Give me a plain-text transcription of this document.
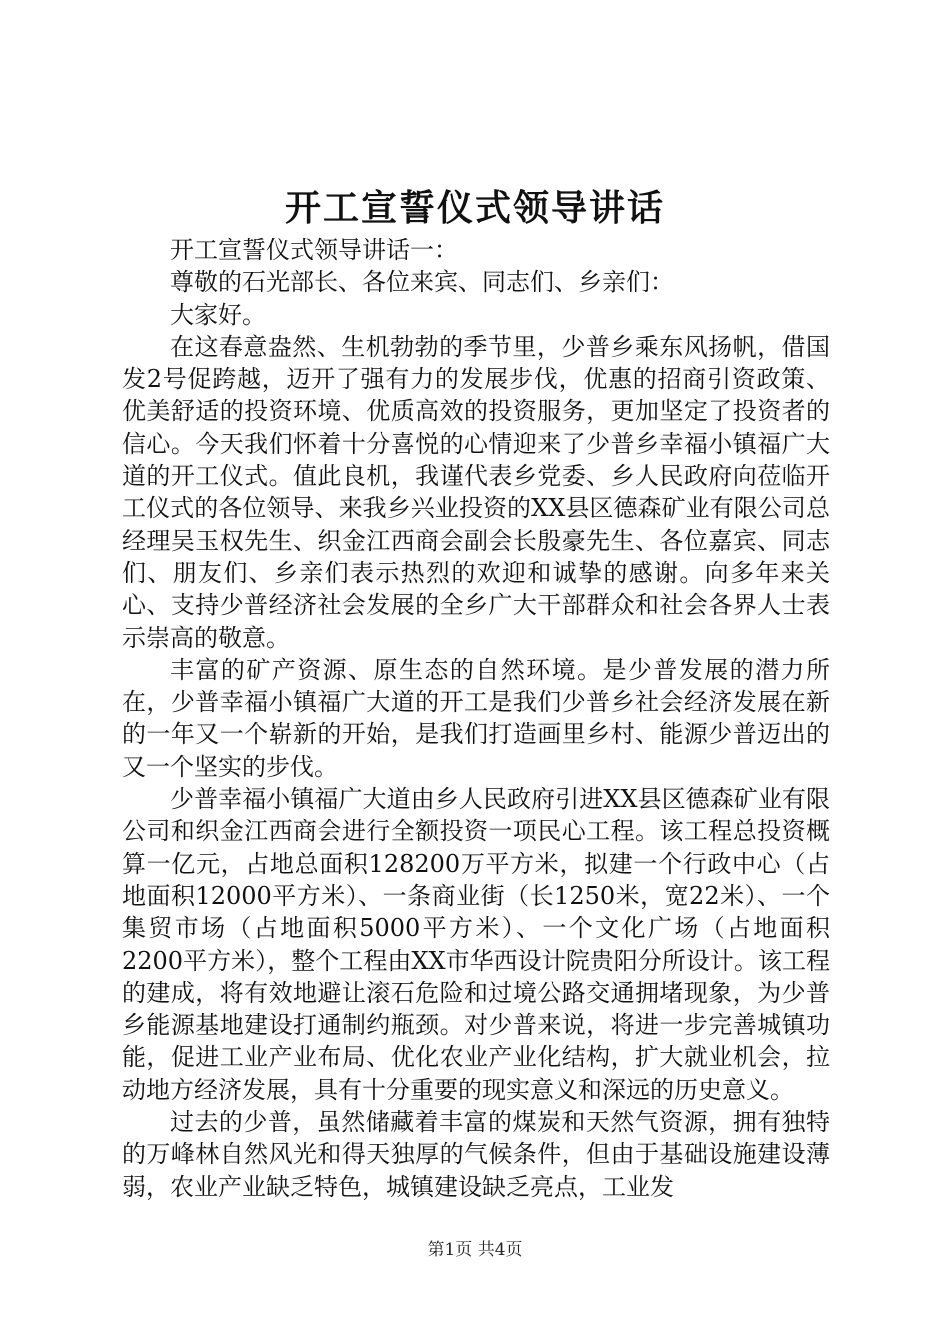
开工宣誓仪式领导讲话

开工宣誓仪式领导讲话一：

尊敬的石光部长、各位来宾、同志们、乡亲们：

大家好。

在这春意盎然、生机勃勃的季节里，少普乡乘东风扬帆，借国发2号促跨越，迈开了强有力的发展步伐，优惠的招商引资政策、优美舒适的投资环境、优质高效的投资服务，更加坚定了投资者的信心。今天我们怀着十分喜悦的心情迎来了少普乡幸福小镇福广大道的开工仪式。值此良机，我谨代表乡党委、乡人民政府向莅临开工仪式的各位领导、来我乡兴业投资的XX县区德森矿业有限公司总经理吴玉权先生、织金江西商会副会长殷豪先生、各位嘉宾、同志们、朋友们、乡亲们表示热烈的欢迎和诚挚的感谢。向多年来关心、支持少普经济社会发展的全乡广大干部群众和社会各界人士表示崇高的敬意。

丰富的矿产资源、原生态的自然环境。是少普发展的潜力所在，少普幸福小镇福广大道的开工是我们少普乡社会经济发展在新的一年又一个崭新的开始，是我们打造画里乡村、能源少普迈出的又一个坚实的步伐。

少普幸福小镇福广大道由乡人民政府引进XX县区德森矿业有限公司和织金江西商会进行全额投资一项民心工程。该工程总投资概算一亿元，占地总面积128200万平方米，拟建一个行政中心（占地面积12000平方米）、一条商业街（长1250米，宽22米）、一个集贸市场（占地面积5000平方米）、一个文化广场（占地面积2200平方米），整个工程由XX市华西设计院贵阳分所设计。该工程的建成，将有效地避让滚石危险和过境公路交通拥堵现象，为少普乡能源基地建设打通制约瓶颈。对少普来说，将进一步完善城镇功能，促进工业产业布局、优化农业产业化结构，扩大就业机会，拉动地方经济发展，具有十分重要的现实意义和深远的历史意义。

过去的少普，虽然储藏着丰富的煤炭和天然气资源，拥有独特的万峰林自然风光和得天独厚的气候条件，但由于基础设施建设薄弱，农业产业缺乏特色，城镇建设缺乏亮点，工业发

第1页 共4页
